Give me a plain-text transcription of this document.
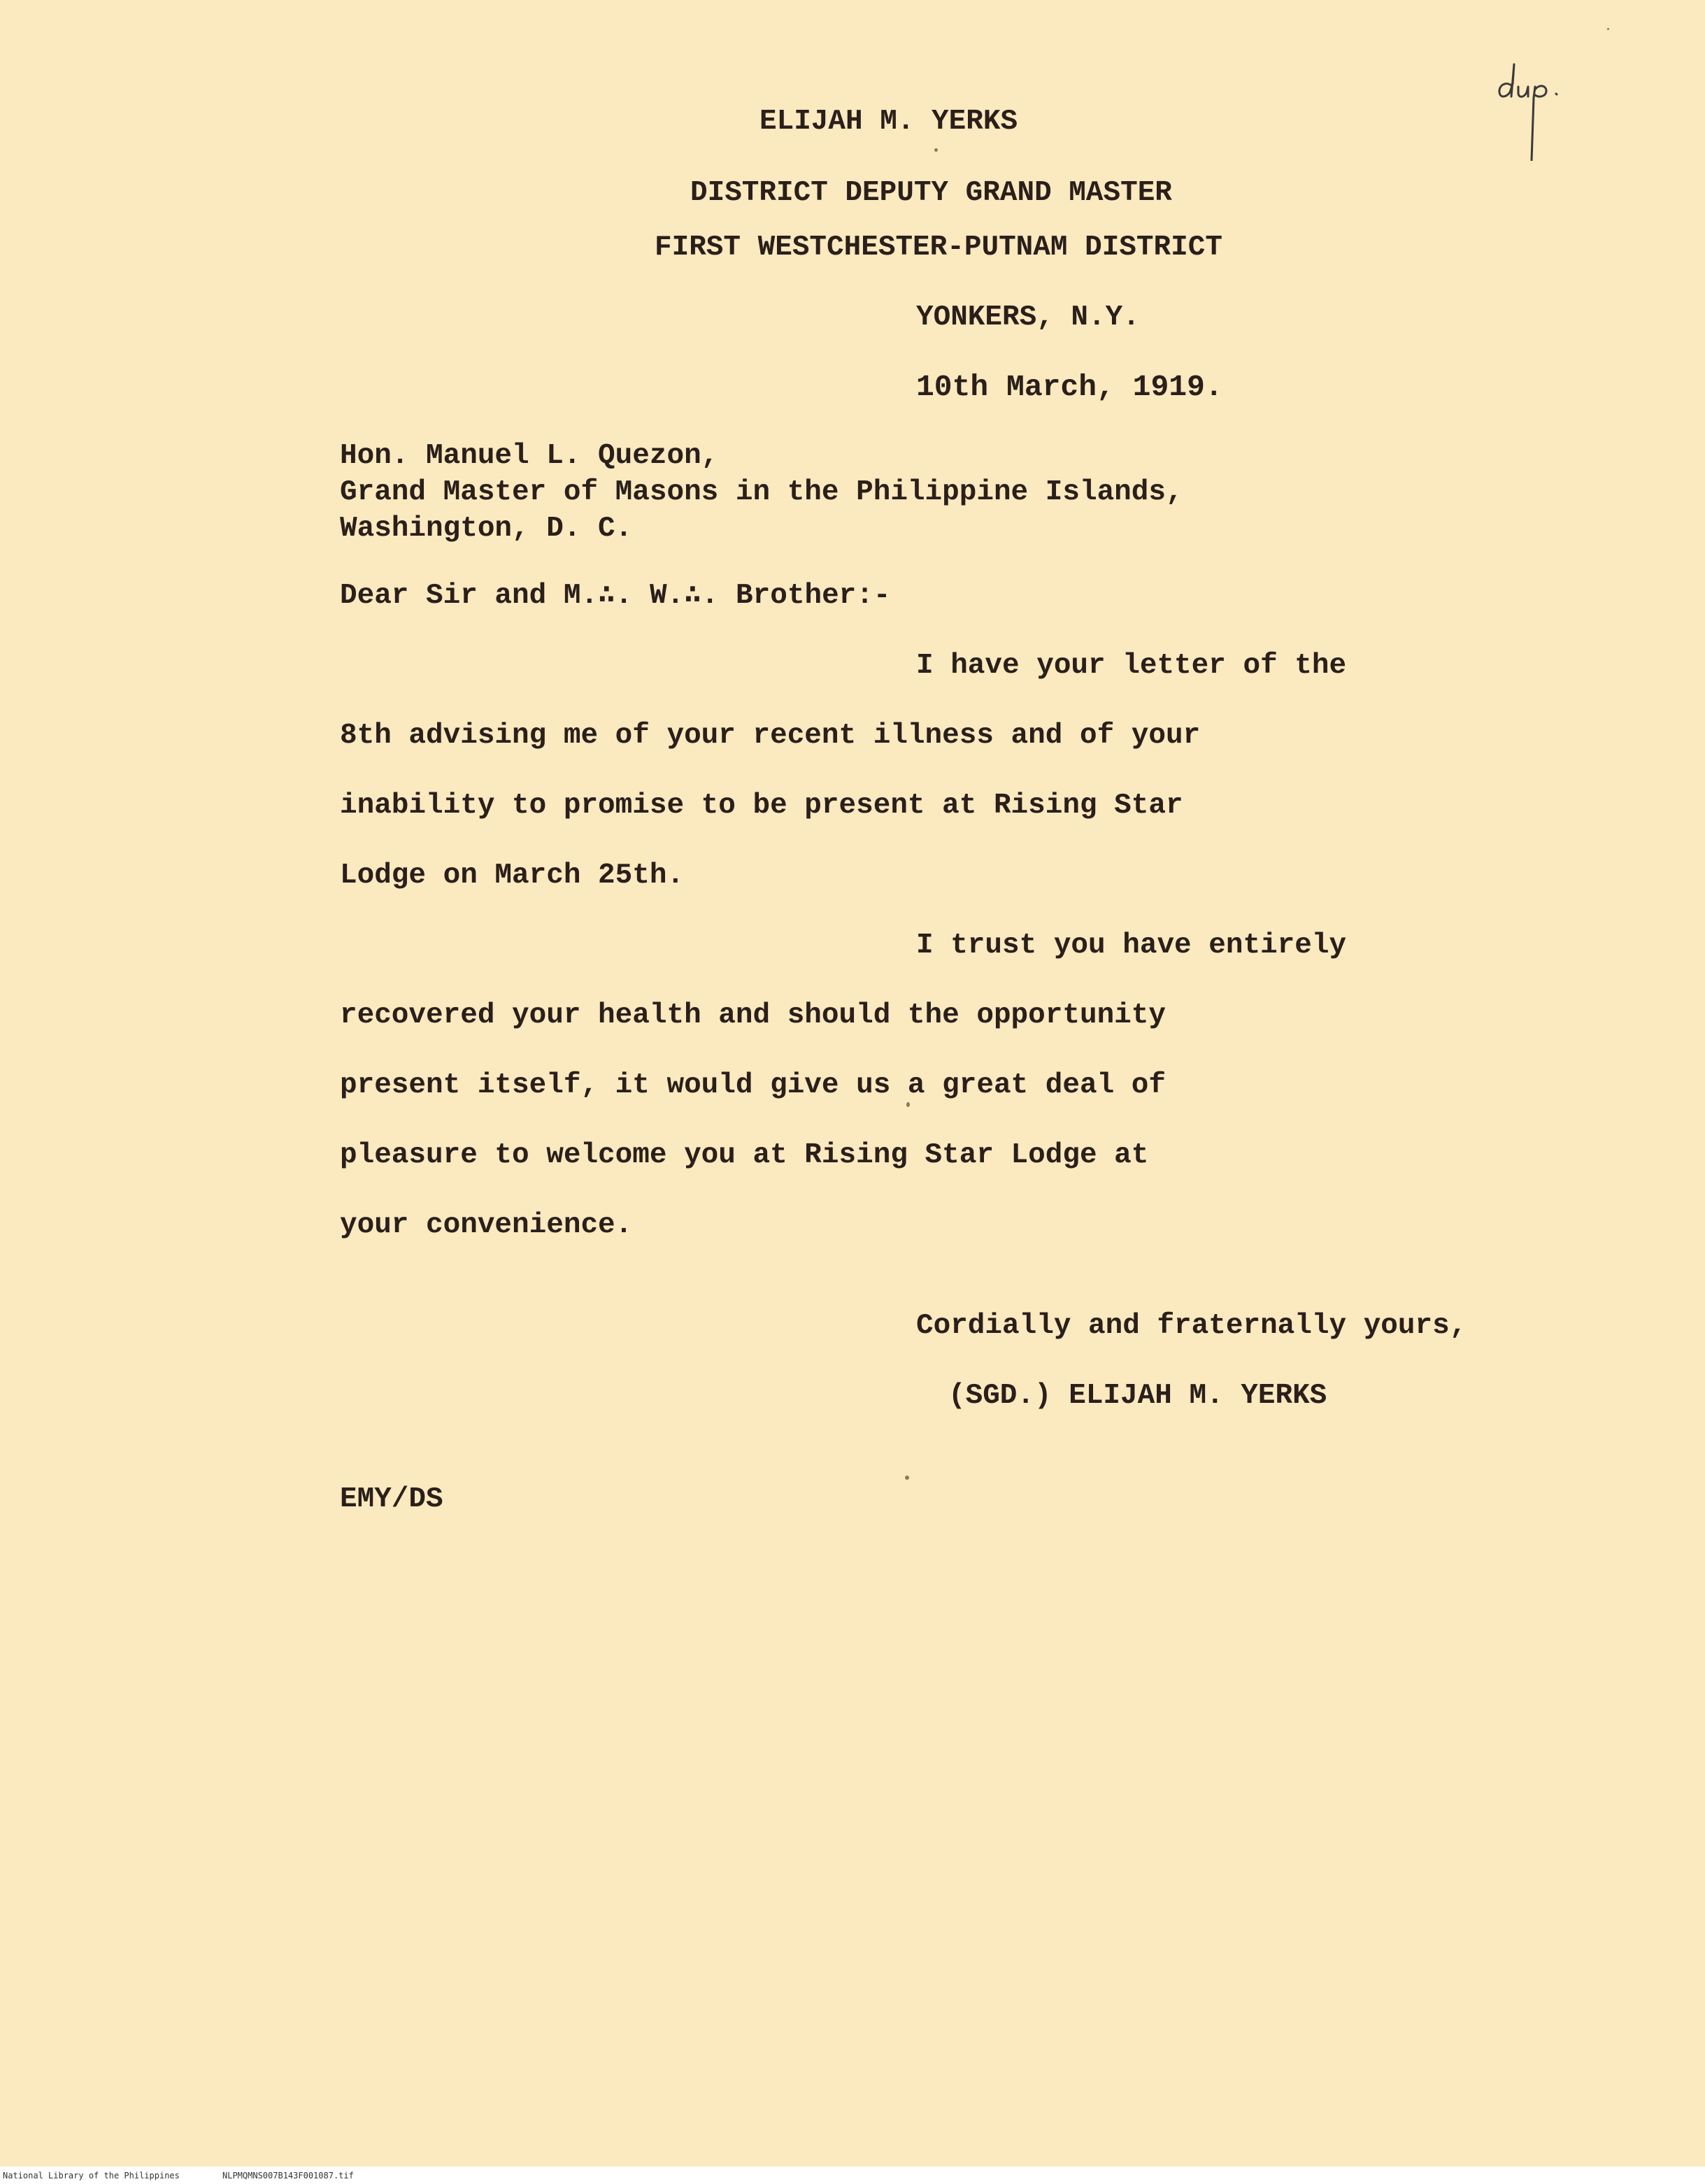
ELIJAH M. YERKS
DISTRICT DEPUTY GRAND MASTER
FIRST WESTCHESTER-PUTNAM DISTRICT
YONKERS, N.Y.
10th March, 1919.
Hon. Manuel L. Quezon,
Grand Master of Masons in the Philippine Islands,
Washington, D. C.
Dear Sir and M.∴. W.∴. Brother:-
I have your letter of the
8th advising me of your recent illness and of your
inability to promise to be present at Rising Star
Lodge on March 25th.
I trust you have entirely
recovered your health and should the opportunity
present itself, it would give us a great deal of
pleasure to welcome you at Rising Star Lodge at
your convenience.
Cordially and fraternally yours,
(SGD.) ELIJAH M. YERKS
EMY/DS
National Library of the Philippines	NLPMQMNS007B143F001087.tif
